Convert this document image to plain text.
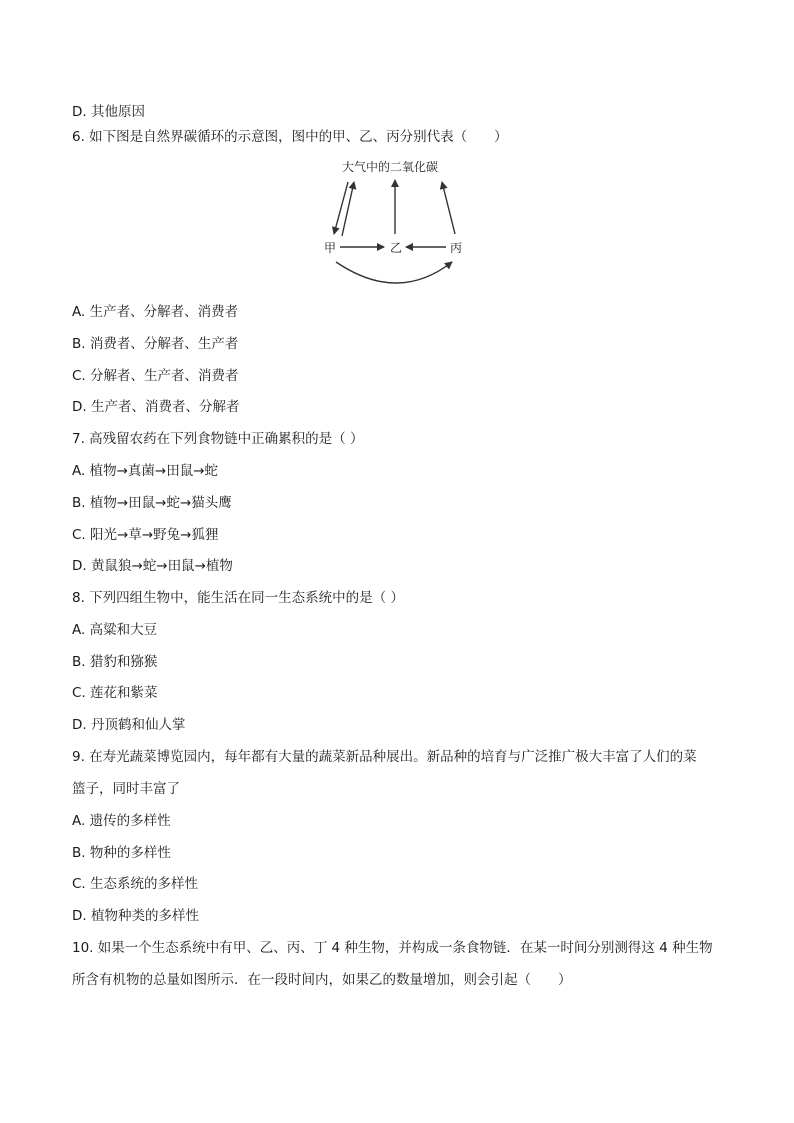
D. 其他原因
6. 如下图是自然界碳循环的示意图，图中的甲、乙、丙分别代表（　　）
大气中的二氧化碳
甲	乙	丙
A. 生产者、分解者、消费者
B. 消费者、分解者、生产者
C. 分解者、生产者、消费者
D. 生产者、消费者、分解者
7. 高残留农药在下列食物链中正确累积的是（ ）
A. 植物→真菌→田鼠→蛇
B. 植物→田鼠→蛇→猫头鹰
C. 阳光→草→野兔→狐狸
D. 黄鼠狼→蛇→田鼠→植物
8. 下列四组生物中，能生活在同一生态系统中的是（ ）
A. 高粱和大豆
B. 猎豹和猕猴
C. 莲花和紫菜
D. 丹顶鹤和仙人掌
9. 在寿光蔬菜博览园内，每年都有大量的蔬菜新品种展出。新品种的培育与广泛推广极大丰富了人们的菜
篮子，同时丰富了
A. 遗传的多样性
B. 物种的多样性
C. 生态系统的多样性
D. 植物种类的多样性
10. 如果一个生态系统中有甲、乙、丙、丁 4 种生物，并构成一条食物链．在某一时间分别测得这 4 种生物
所含有机物的总量如图所示．在一段时间内，如果乙的数量增加，则会引起（　　）
